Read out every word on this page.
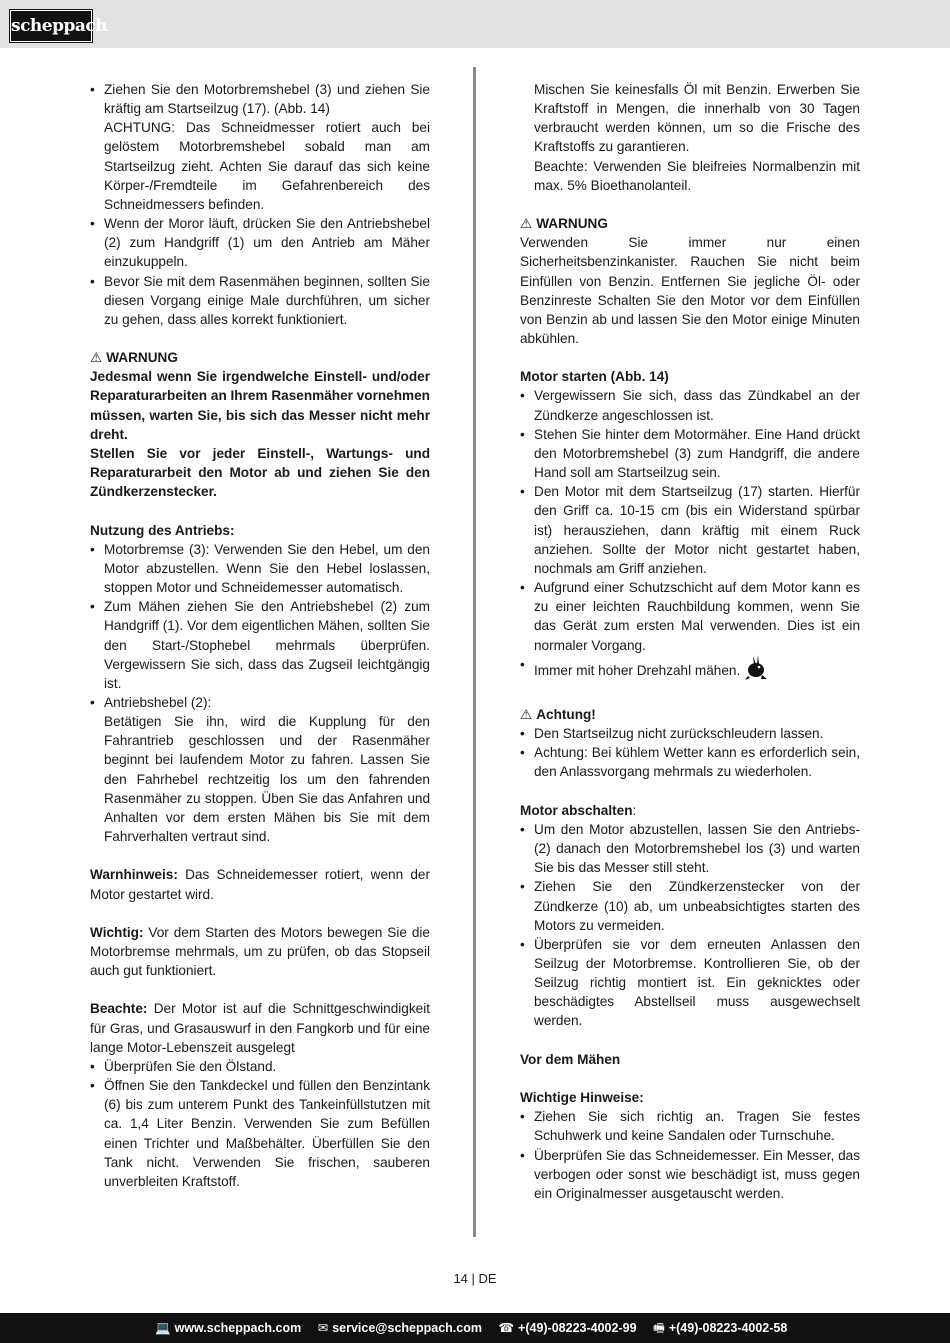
scheppach

• Ziehen Sie den Motorbremshebel (3) und ziehen Sie kräftig am Startseilzug (17). (Abb. 14)

ACHTUNG: Das Schneidmesser rotiert auch bei gelöstem Motorbremshebel sobald man am Startseilzug zieht. Achten Sie darauf das sich keine Körper-/Fremdteile im Gefahrenbereich des Schneidmessers befinden.

• Wenn der Moror läuft, drücken Sie den Antriebshebel (2) zum Handgriff (1) um den Antrieb am Mäher einzukuppeln.

• Bevor Sie mit dem Rasenmähen beginnen, sollten Sie diesen Vorgang einige Male durchführen, um sicher zu gehen, dass alles korrekt funktioniert.

⚠ WARNUNG

Jedesmal wenn Sie irgendwelche Einstell- und/oder Reparaturarbeiten an Ihrem Rasenmäher vornehmen müssen, warten Sie, bis sich das Messer nicht mehr dreht.

Stellen Sie vor jeder Einstell-, Wartungs- und Reparaturarbeit den Motor ab und ziehen Sie den Zündkerzenstecker.

Nutzung des Antriebs:

• Motorbremse (3): Verwenden Sie den Hebel, um den Motor abzustellen. Wenn Sie den Hebel loslassen, stoppen Motor und Schneidemesser automatisch.

• Zum Mähen ziehen Sie den Antriebshebel (2) zum Handgriff (1). Vor dem eigentlichen Mähen, sollten Sie den Start-/Stophebel mehrmals überprüfen. Vergewissern Sie sich, dass das Zugseil leichtgängig ist.

• Antriebshebel (2):

Betätigen Sie ihn, wird die Kupplung für den Fahrantrieb geschlossen und der Rasenmäher beginnt bei laufendem Motor zu fahren. Lassen Sie den Fahrhebel rechtzeitig los um den fahrenden Rasenmäher zu stoppen. Üben Sie das Anfahren und Anhalten vor dem ersten Mähen bis Sie mit dem Fahrverhalten vertraut sind.

Warnhinweis: Das Schneidemesser rotiert, wenn der Motor gestartet wird.

Wichtig: Vor dem Starten des Motors bewegen Sie die Motorbremse mehrmals, um zu prüfen, ob das Stopseil auch gut funktioniert.

Beachte: Der Motor ist auf die Schnittgeschwindigkeit für Gras, und Grasauswurf in den Fangkorb und für eine lange Motor-Lebenszeit ausgelegt

• Überprüfen Sie den Ölstand.

• Öffnen Sie den Tankdeckel und füllen den Benzintank (6) bis zum unterem Punkt des Tankeinfüllstutzen mit ca. 1,4 Liter Benzin. Verwenden Sie zum Befüllen einen Trichter und Maßbehälter. Überfüllen Sie den Tank nicht. Verwenden Sie frischen, sauberen unverbleiten Kraftstoff.

Mischen Sie keinesfalls Öl mit Benzin. Erwerben Sie Kraftstoff in Mengen, die innerhalb von 30 Tagen verbraucht werden können, um so die Frische des Kraftstoffs zu garantieren.

Beachte: Verwenden Sie bleifreies Normalbenzin mit max. 5% Bioethanolanteil.

⚠ WARNUNG

Verwenden Sie immer nur einen Sicherheitsbenzinkanister. Rauchen Sie nicht beim Einfüllen von Benzin. Entfernen Sie jegliche Öl- oder Benzinreste Schalten Sie den Motor vor dem Einfüllen von Benzin ab und lassen Sie den Motor einige Minuten abkühlen.

Motor starten (Abb. 14)

• Vergewissern Sie sich, dass das Zündkabel an der Zündkerze angeschlossen ist.

• Stehen Sie hinter dem Motormäher. Eine Hand drückt den Motorbremshebel (3) zum Handgriff, die andere Hand soll am Startseilzug sein.

• Den Motor mit dem Startseilzug (17) starten. Hierfür den Griff ca. 10-15 cm (bis ein Widerstand spürbar ist) herausziehen, dann kräftig mit einem Ruck anziehen. Sollte der Motor nicht gestartet haben, nochmals am Griff anziehen.

• Aufgrund einer Schutzschicht auf dem Motor kann es zu einer leichten Rauchbildung kommen, wenn Sie das Gerät zum ersten Mal verwenden. Dies ist ein normaler Vorgang.

• Immer mit hoher Drehzahl mähen.

⚠ Achtung!

• Den Startseilzug nicht zurückschleudern lassen.

• Achtung: Bei kühlem Wetter kann es erforderlich sein, den Anlassvorgang mehrmals zu wiederholen.

Motor abschalten:

• Um den Motor abzustellen, lassen Sie den Antriebs- (2) danach den Motorbremshebel los (3) und warten Sie bis das Messer still steht.

• Ziehen Sie den Zündkerzenstecker von der Zündkerze (10) ab, um unbeabsichtigtes starten des Motors zu vermeiden.

• Überprüfen sie vor dem erneuten Anlassen den Seilzug der Motorbremse. Kontrollieren Sie, ob der Seilzug richtig montiert ist. Ein geknicktes oder beschädigtes Abstellseil muss ausgewechselt werden.

Vor dem Mähen

Wichtige Hinweise:

• Ziehen Sie sich richtig an. Tragen Sie festes Schuhwerk und keine Sandalen oder Turnschuhe.

• Überprüfen Sie das Schneidemesser. Ein Messer, das verbogen oder sonst wie beschädigt ist, muss gegen ein Originalmesser ausgetauscht werden.

14 | DE
💻 www.scheppach.com ✉ service@scheppach.com ☎ +(49)-08223-4002-99 🖷 +(49)-08223-4002-58
